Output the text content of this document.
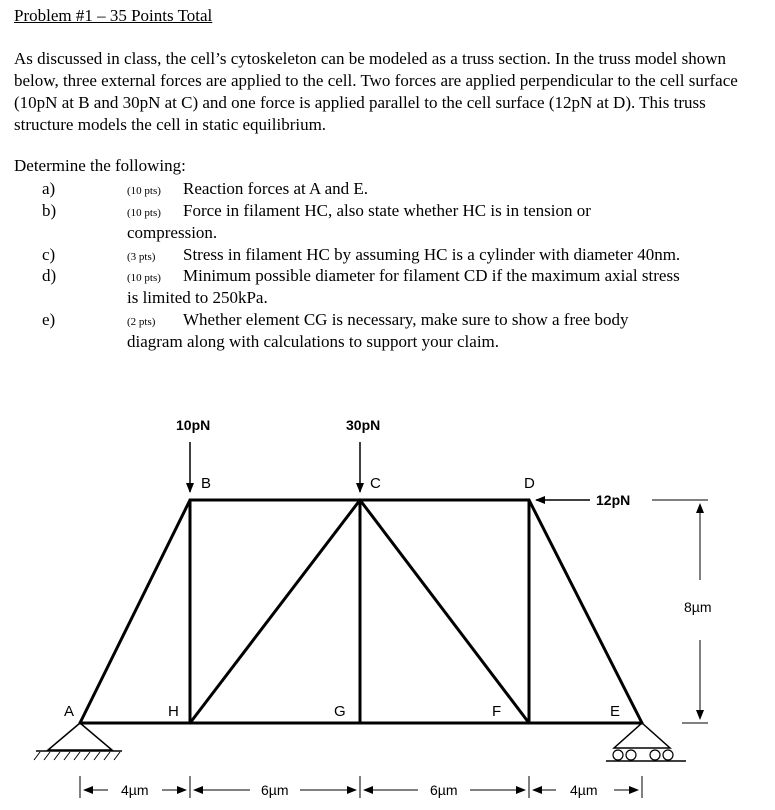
Problem #1 – 35 Points Total

As discussed in class, the cell’s cytoskeleton can be modeled as a truss section. In the truss model shown below, three external forces are applied to the cell. Two forces are applied perpendicular to the cell surface (10pN at B and 30pN at C) and one force is applied parallel to the cell surface (12pN at D). This truss structure models the cell in static equilibrium.

Determine the following:
a)	(10 pts) Reaction forces at A and E.
b)	(10 pts) Force in filament HC, also state whether HC is in tension or
compression.
c)	(3 pts) Stress in filament HC by assuming HC is a cylinder with diameter 40nm.
d)	(10 pts) Minimum possible diameter for filament CD if the maximum axial stress
is limited to 250kPa.
e)	(2 pts) Whether element CG is necessary, make sure to show a free body
diagram along with calculations to support your claim.
10pN	30pN
12pN
A
B	C	D
E
F
G
H
8µm
4µm	6µm	6µm	4µm
